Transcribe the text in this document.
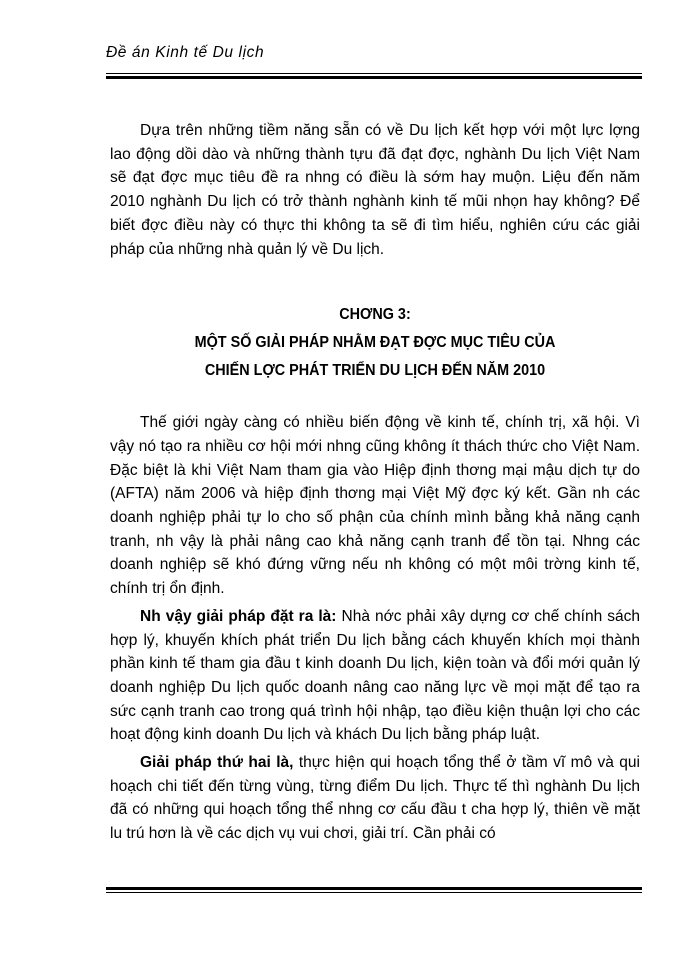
Đề án Kinh tế Du lịch

Dựa trên những tiềm năng sẵn có về Du lịch kết hợp với một lực lợng lao động dồi dào và những thành tựu đã đạt đợc, nghành Du lịch Việt Nam sẽ đạt đợc mục tiêu đề ra nhng có điều là sớm hay muộn. Liệu đến năm 2010 nghành Du lịch có trở thành nghành kinh tế mũi nhọn hay không? Để biết đợc điều này có thực thi không ta sẽ đi tìm hiểu, nghiên cứu các giải pháp của những nhà quản lý về Du lịch.

CHƠNG 3:
MỘT SỐ GIẢI PHÁP NHẰM ĐẠT ĐỢC MỤC TIÊU CỦA
CHIẾN LỢC PHÁT TRIỂN DU LỊCH ĐẾN NĂM 2010

Thế giới ngày càng có nhiều biến động về kinh tế, chính trị, xã hội. Vì vậy nó tạo ra nhiều cơ hội mới nhng cũng không ít thách thức cho Việt Nam. Đặc biệt là khi Việt Nam tham gia vào Hiệp định thơng mại mậu dịch tự do (AFTA) năm 2006 và hiệp định thơng mại Việt Mỹ đợc ký kết. Gần nh các doanh nghiệp phải tự lo cho số phận của chính mình bằng khả năng cạnh tranh, nh vậy là phải nâng cao khả năng cạnh tranh để tồn tại. Nhng các doanh nghiệp sẽ khó đứng vững nếu nh không có một môi trờng kinh tế, chính trị ổn định.

Nh vậy giải pháp đặt ra là: Nhà nớc phải xây dựng cơ chế chính sách hợp lý, khuyến khích phát triển Du lịch bằng cách khuyến khích mọi thành phần kinh tế tham gia đầu t kinh doanh Du lịch, kiện toàn và đổi mới quản lý doanh nghiệp Du lịch quốc doanh nâng cao năng lực về mọi mặt để tạo ra sức cạnh tranh cao trong quá trình hội nhập, tạo điều kiện thuận lợi cho các hoạt động kinh doanh Du lịch và khách Du lịch bằng pháp luật.

Giải pháp thứ hai là, thực hiện qui hoạch tổng thể ở tầm vĩ mô và qui hoạch chi tiết đến từng vùng, từng điểm Du lịch. Thực tế thì nghành Du lịch đã có những qui hoạch tổng thể nhng cơ cấu đầu t cha hợp lý, thiên về mặt lu trú hơn là về các dịch vụ vui chơi, giải trí. Cần phải có
